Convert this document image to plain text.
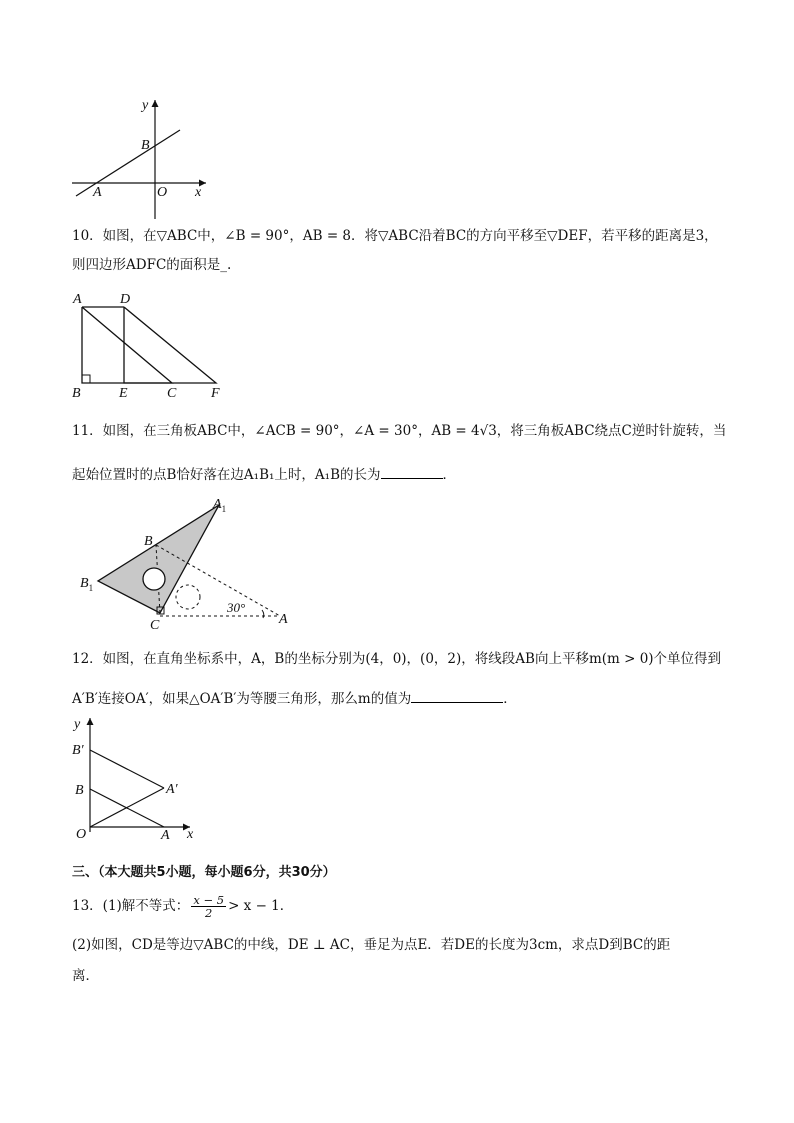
y
x
B
A	O
10．如图，在▽ABC中，∠B = 90°，AB = 8．将▽ABC沿着BC的方向平移至▽DEF，若平移的距离是3，
则四边形ADFC的面积是_.
A	D
B	E	C F
11．如图，在三角板ABC中，∠ACB = 90°，∠A = 30°，AB = 4√3，将三角板ABC绕点C逆时针旋转，当
起始位置时的点B恰好落在边A₁B₁上时，A₁B的长为	．
$A_1$
B
$B_1$
C	A
30°
12．如图，在直角坐标系中，A，B的坐标分别为(4，0)，(0，2)，将线段AB向上平移m(m > 0)个单位得到
A′B′连接OA′，如果△OA′B′为等腰三角形，那么m的值为	．
y
B′
B	A′
O	A x
三、（本大题共5小题，每小题6分，共30分）
13．(1)解不等式： $\frac{x - 5}{2} > x - 1$．
(2)如图，CD是等边▽ABC的中线，DE ⊥ AC，垂足为点E．若DE的长度为3cm，求点D到BC的距
离．
